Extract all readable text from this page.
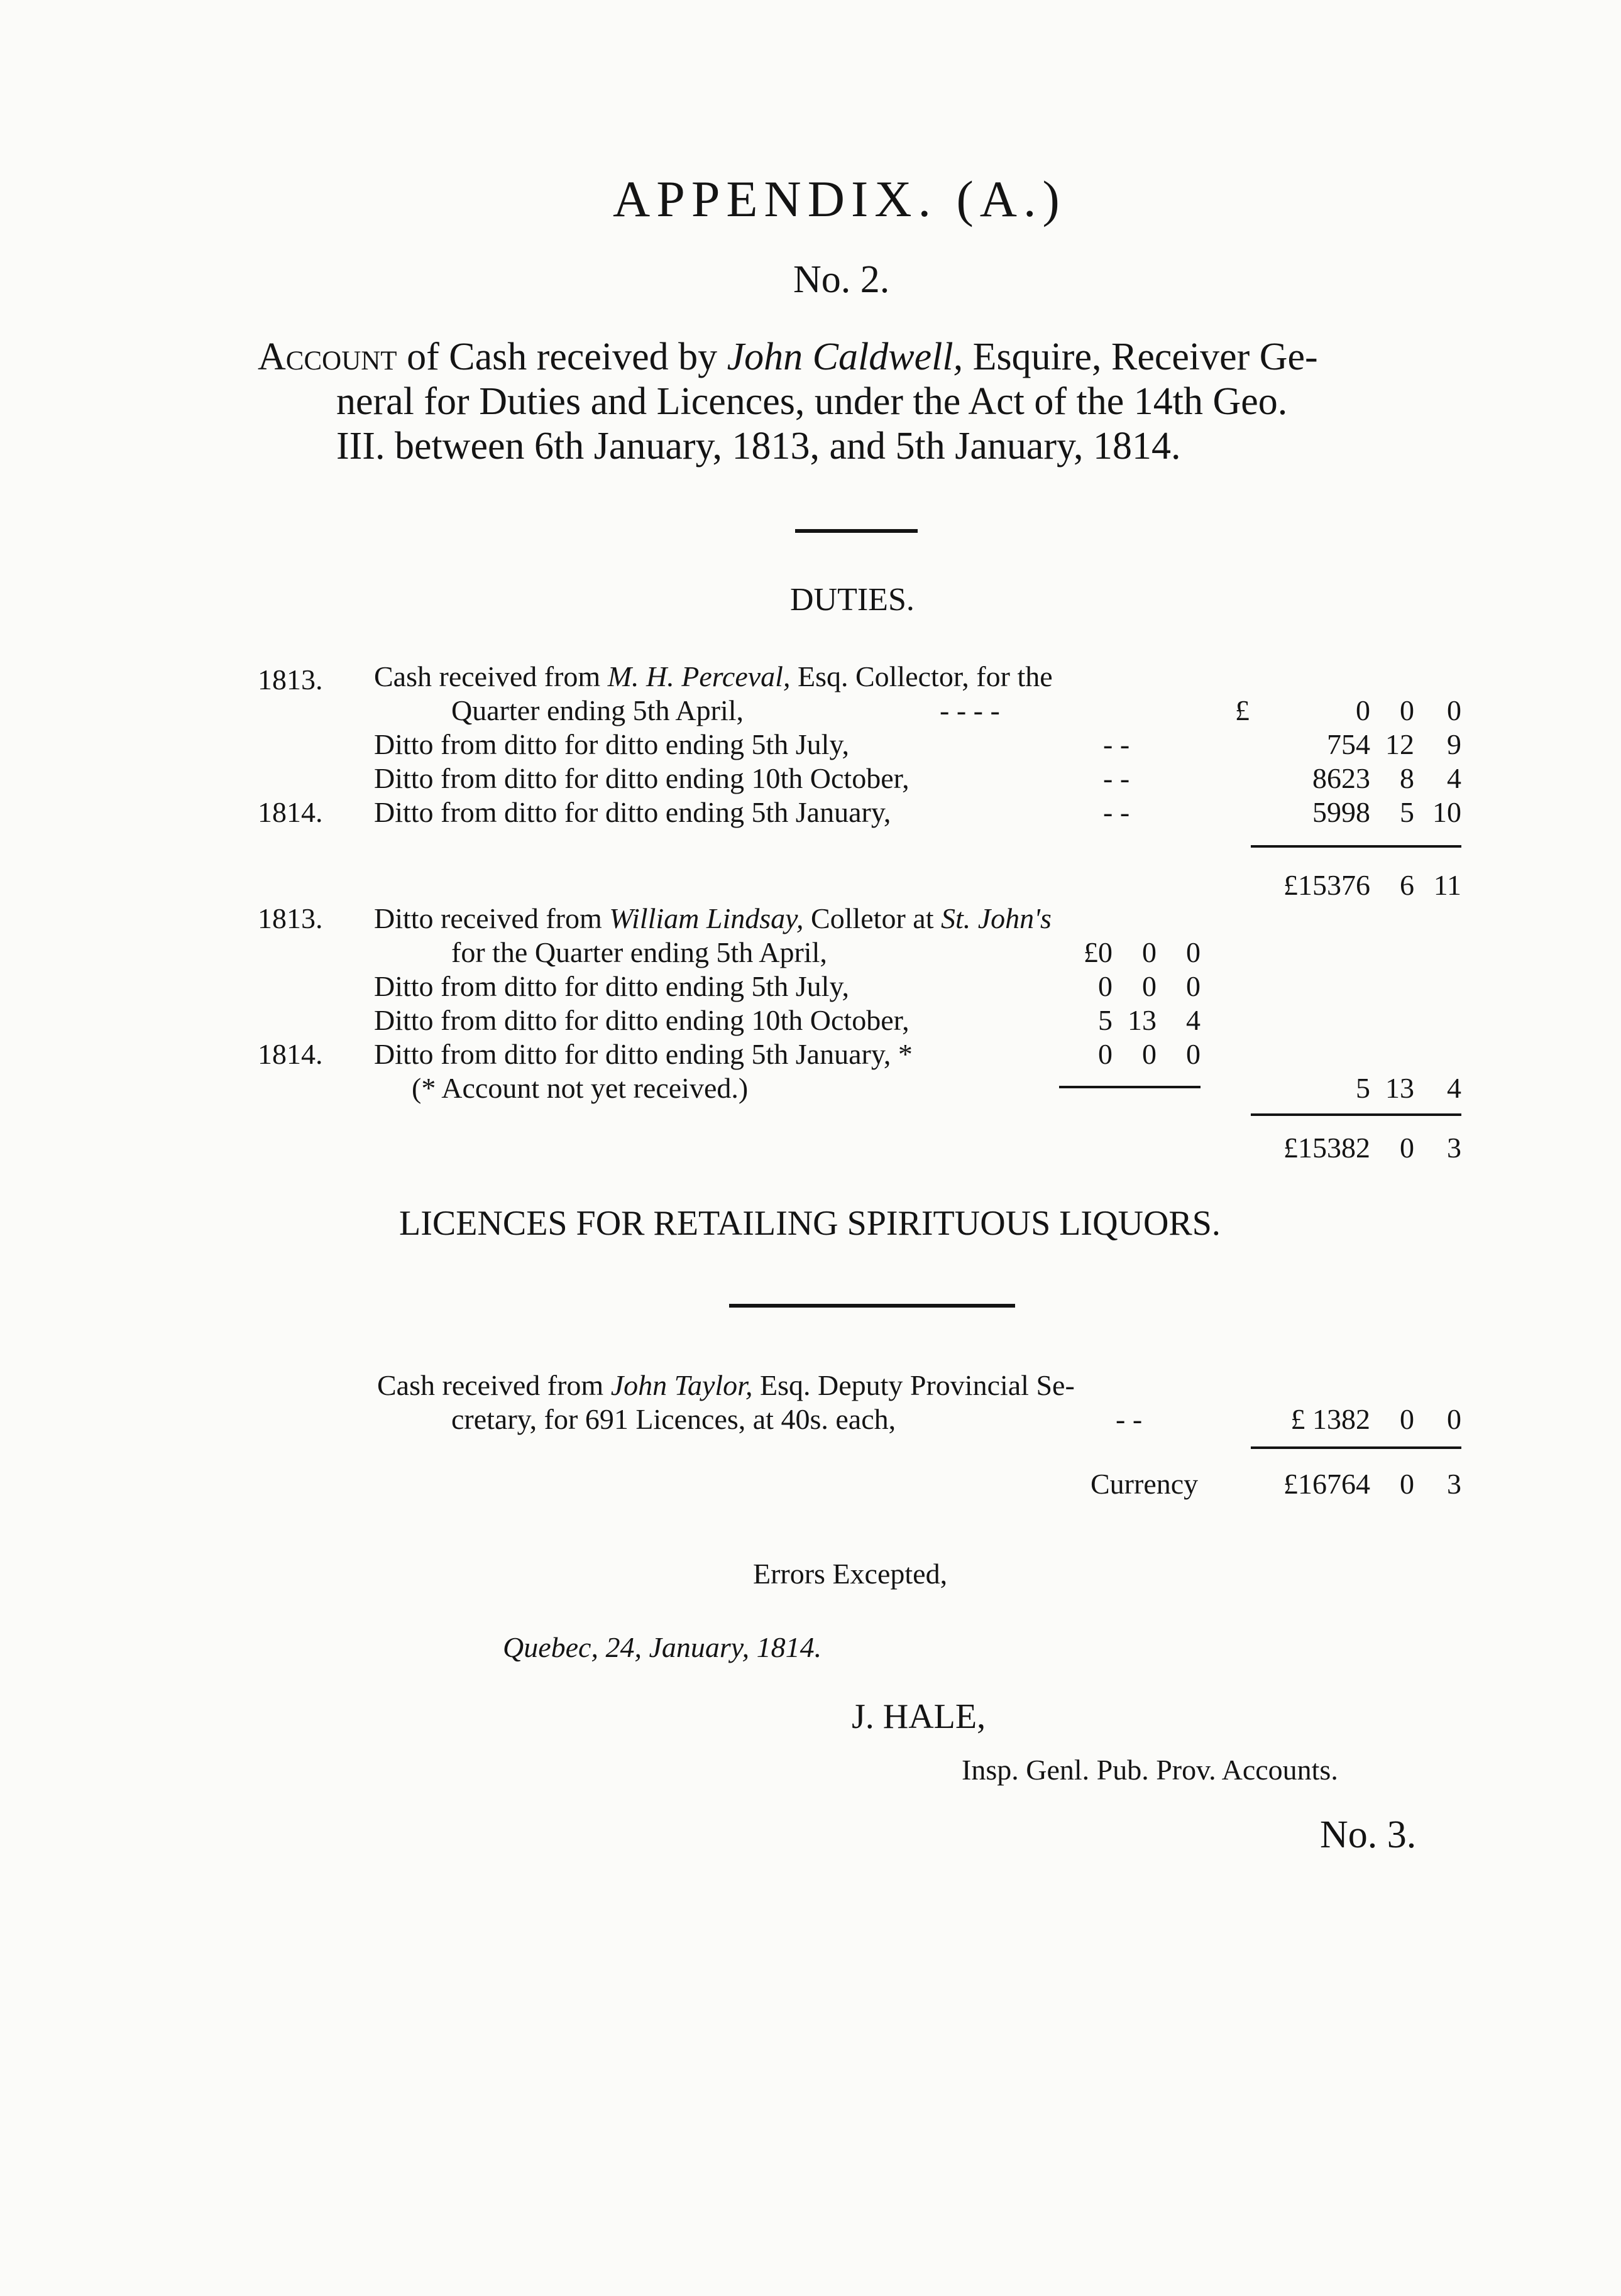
APPENDIX. (A.)
No. 2.
Account of Cash received by John Caldwell, Esquire, Receiver Ge-
neral for Duties and Licences, under the Act of the 14th Geo.
III. between 6th January, 1813, and 5th January, 1814.
DUTIES.
1813. Cash received from M. H. Perceval, Esq. Collector, for the
Quarter ending 5th April,	- - - -	£	0	0	0
Ditto from ditto for ditto ending 5th July,	- -	754 12	9
Ditto from ditto for ditto ending 10th October,	- -	8623	8	4
1814. Ditto from ditto for ditto ending 5th January,	- -	5998	5 10
£15376	6 11
1813. Ditto received from William Lindsay, Colletor at St. John's
for the Quarter ending 5th April,	£0	0	0
Ditto from ditto for ditto ending 5th July,	0	0	0
Ditto from ditto for ditto ending 10th October,	5 13	4
1814. Ditto from ditto for ditto ending 5th January, *	0	0	0
(* Account not yet received.)	5 13	4
£15382	0	3
LICENCES FOR RETAILING SPIRITUOUS LIQUORS.
Cash received from John Taylor, Esq. Deputy Provincial Se-
cretary, for 691 Licences, at 40s. each,	- -	£ 1382	0	0
Currency	£16764	0	3
Errors Excepted,
Quebec, 24, January, 1814.
J. HALE,
Insp. Genl. Pub. Prov. Accounts.
No. 3.
